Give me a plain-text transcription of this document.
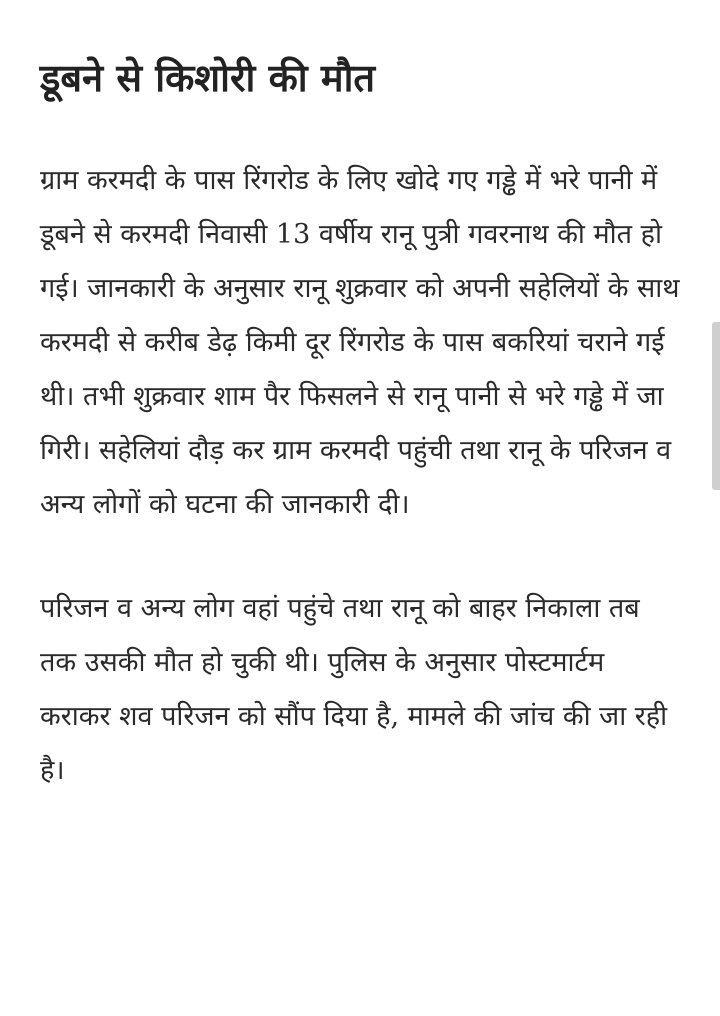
डूबने से किशोरी की मौत

ग्राम करमदी के पास रिंगरोड के लिए खोदे गए गड्ढे में भरे पानी में डूबने से करमदी निवासी 13 वर्षीय रानू पुत्री गवरनाथ की मौत हो गई। जानकारी के अनुसार रानू शुक्रवार को अपनी सहेलियों के साथ करमदी से करीब डेढ़ किमी दूर रिंगरोड के पास बकरियां चराने गई थी। तभी शुक्रवार शाम पैर फिसलने से रानू पानी से भरे गड्ढे में जा गिरी। सहेलियां दौड़ कर ग्राम करमदी पहुंची तथा रानू के परिजन व अन्य लोगों को घटना की जानकारी दी।

परिजन व अन्य लोग वहां पहुंचे तथा रानू को बाहर निकाला तब तक उसकी मौत हो चुकी थी। पुलिस के अनुसार पोस्टमार्टम कराकर शव परिजन को सौंप दिया है, मामले की जांच की जा रही है।
